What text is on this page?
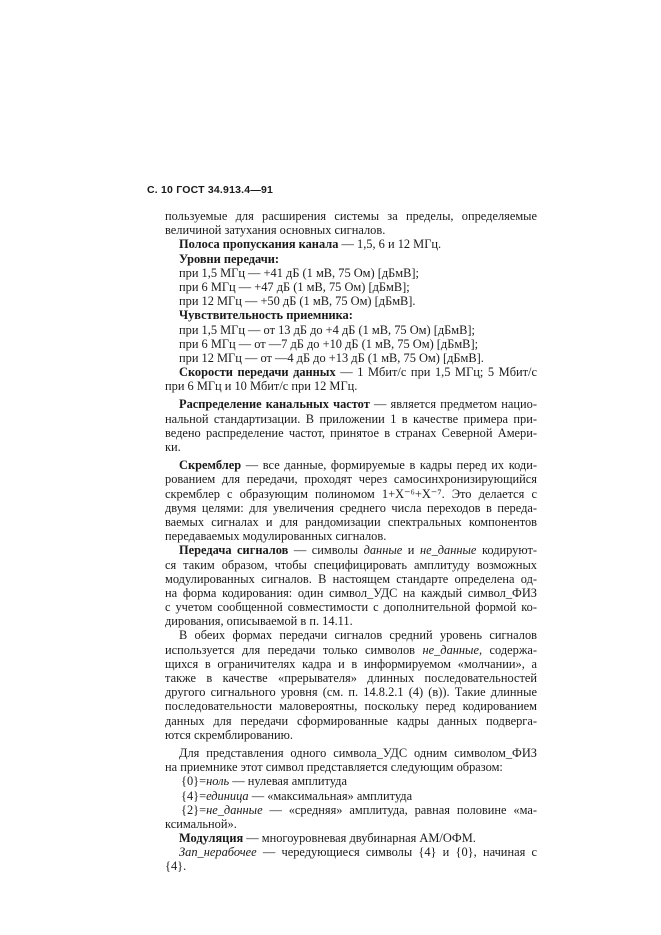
С. 10 ГОСТ 34.913.4—91
пользуемые для расширения системы за пределы, определяемые
величиной затухания основных сигналов.
Полоса пропускания канала — 1,5, 6 и 12 МГц.
Уровни передачи:
при 1,5 МГц — +41 дБ (1 мВ, 75 Ом) [дБмВ];
при 6 МГц — +47 дБ (1 мВ, 75 Ом) [дБмВ];
при 12 МГц — +50 дБ (1 мВ, 75 Ом) [дБмВ].
Чувствительность приемника:
при 1,5 МГц — от 13 дБ до +4 дБ (1 мВ, 75 Ом) [дБмВ];
при 6 МГц — от —7 дБ до +10 дБ (1 мВ, 75 Ом) [дБмВ];
при 12 МГц — от —4 дБ до +13 дБ (1 мВ, 75 Ом) [дБмВ].
Скорости передачи данных — 1 Мбит/с при 1,5 МГц; 5 Мбит/с
при 6 МГц и 10 Мбит/с при 12 МГц.
Распределение канальных частот — является предметом нацио-
нальной стандартизации. В приложении 1 в качестве примера при-
ведено распределение частот, принятое в странах Северной Амери-
ки.
Скремблер — все данные, формируемые в кадры перед их коди-
рованием для передачи, проходят через самосинхронизирующийся
скремблер с образующим полиномом 1+X⁻⁶+X⁻⁷. Это делается с
двумя целями: для увеличения среднего числа переходов в переда-
ваемых сигналах и для рандомизации спектральных компонентов
передаваемых модулированных сигналов.
Передача сигналов — символы данные и не_данные кодируют-
ся таким образом, чтобы специфицировать амплитуду возможных
модулированных сигналов. В настоящем стандарте определена од-
на форма кодирования: один символ_УДС на каждый символ_ФИЗ
с учетом сообщенной совместимости с дополнительной формой ко-
дирования, описываемой в п. 14.11.
В обеих формах передачи сигналов средний уровень сигналов
используется для передачи только символов не_данные, содержа-
щихся в ограничителях кадра и в информируемом «молчании», а
также в качестве «прерывателя» длинных последовательностей
другого сигнального уровня (см. п. 14.8.2.1 (4) (в)). Такие длинные
последовательности маловероятны, поскольку перед кодированием
данных для передачи сформированные кадры данных подверга-
ются скремблированию.
Для представления одного символа_УДС одним символом_ФИЗ
на приемнике этот символ представляется следующим образом:
{0}=ноль — нулевая амплитуда
{4}=единица — «максимальная» амплитуда
{2}=не_данные — «средняя» амплитуда, равная половине «ма-
ксимальной».
Модуляция — многоуровневая двубинарная АМ/ОФМ.
Зап_нерабочее — чередующиеся символы {4} и {0}, начиная с
{4}.
